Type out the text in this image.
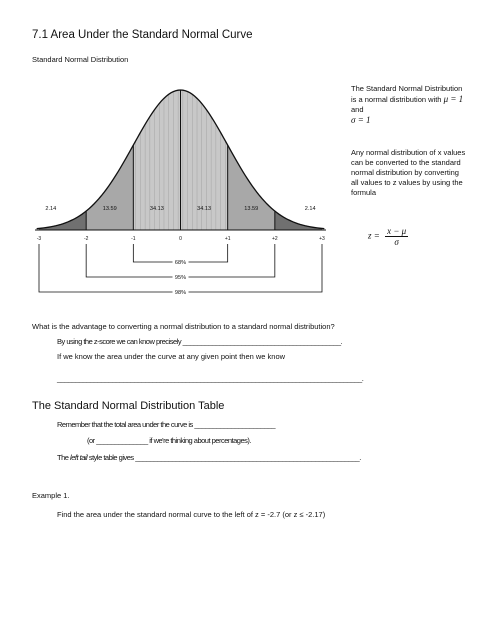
7.1 Area Under the Standard Normal Curve
Standard Normal Distribution
2.14	13.59	34.13	34.13	13.59	2.14
-3	-2	-1	0	+1	+2	+3
68%
95%
98%

The Standard Normal Distribution is a normal distribution with μ = 1 and
σ = 1

Any normal distribution of x values can be converted to the standard normal distribution by converting all values to z values by using the formula

$z = \frac{x - \mu}{\sigma}$
What is the advantage to converting a normal distribution to a standard normal distribution?
By using the z-score we can know precisely ___________________________________________.
If we know the area under the curve at any given point then we know
___________________________________________________________________________________.
The Standard Normal Distribution Table
Remember that the total area under the curve is ______________________
(or ______________ if we're thinking about percentages).
The left tail style table gives _____________________________________________________________.
Example 1.
Find the area under the standard normal curve to the left of z = -2.7 (or z ≤ -2.17)
